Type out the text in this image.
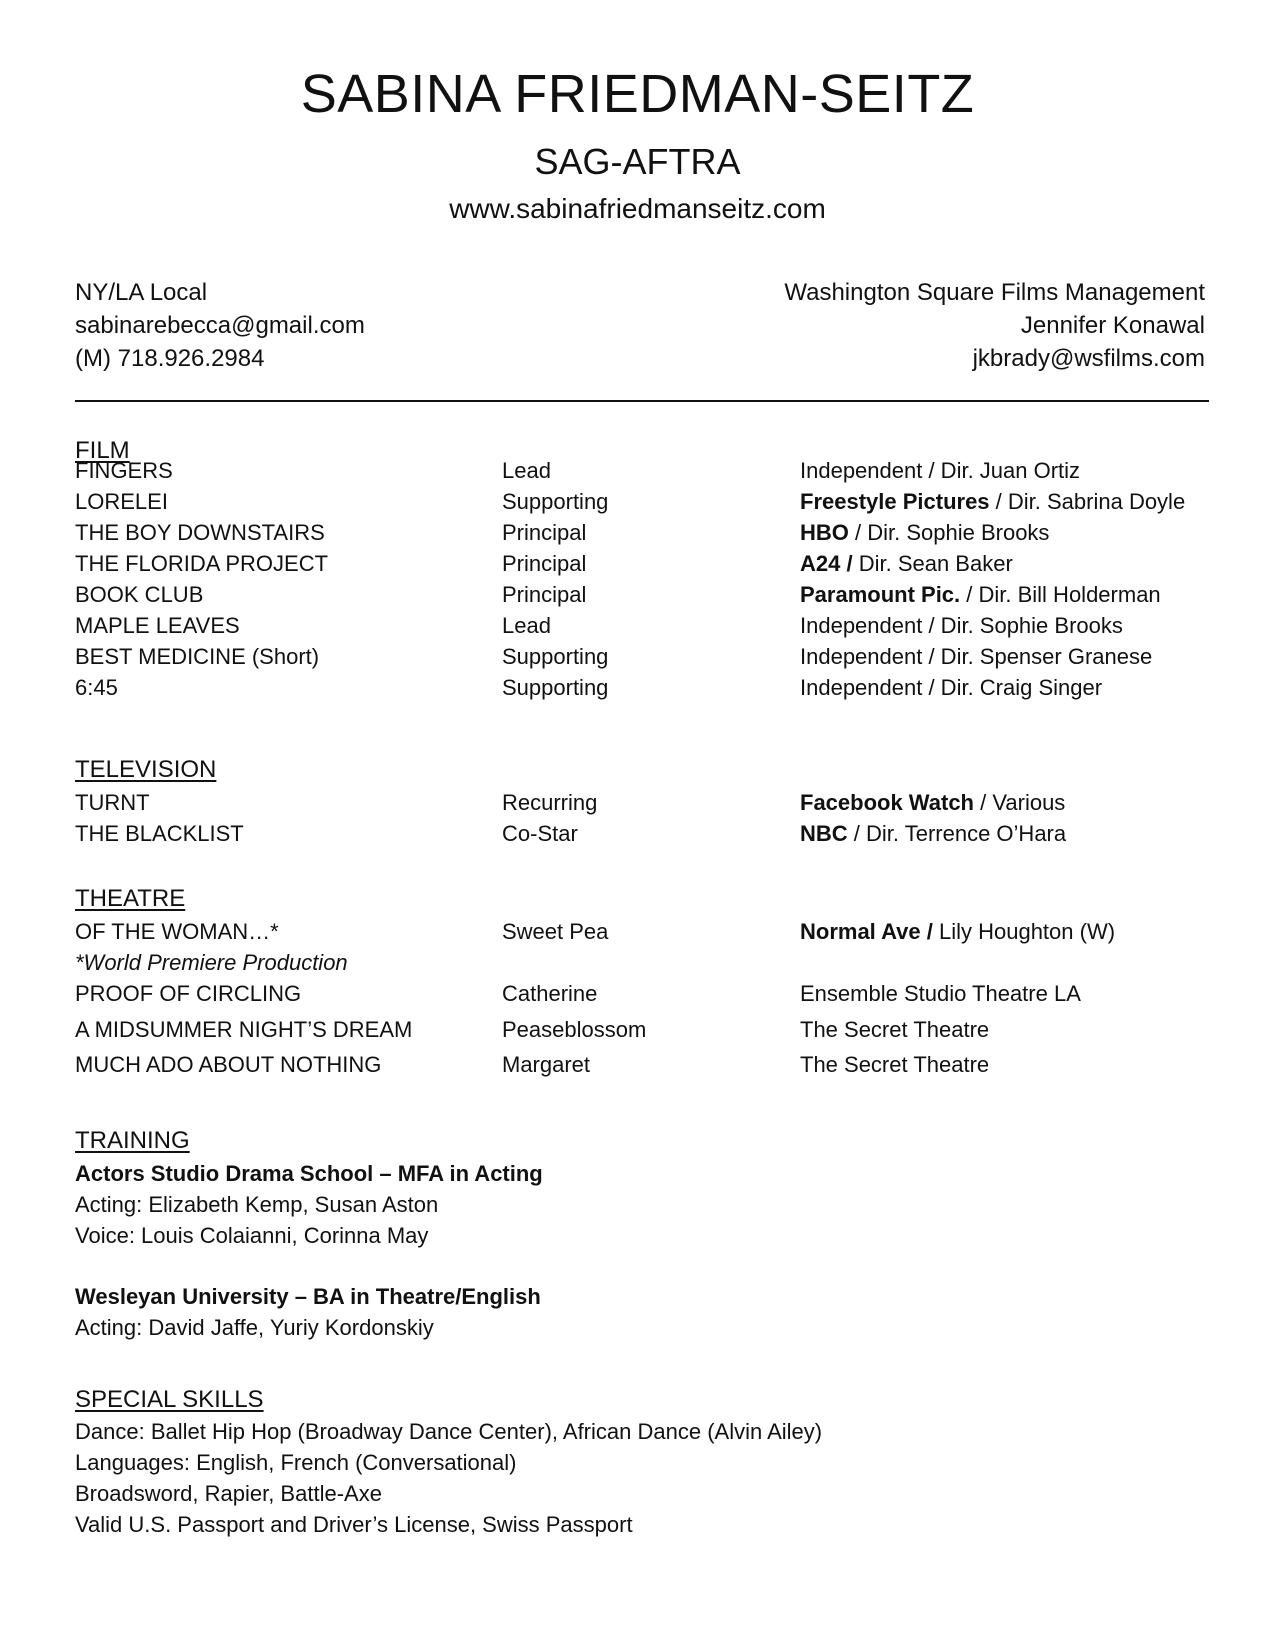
SABINA FRIEDMAN-SEITZ
SAG-AFTRA
www.sabinafriedmanseitz.com
NY/LA Local
sabinarebecca@gmail.com
(M) 718.926.2984
Washington Square Films Management
Jennifer Konawal
jkbrady@wsfilms.com
FILM
FINGERS	Lead	Independent / Dir. Juan Ortiz
LORELEI	Supporting	Freestyle Pictures / Dir. Sabrina Doyle
THE BOY DOWNSTAIRS	Principal	HBO / Dir. Sophie Brooks
THE FLORIDA PROJECT	Principal	A24 / Dir. Sean Baker
BOOK CLUB	Principal	Paramount Pic. / Dir. Bill Holderman
MAPLE LEAVES	Lead	Independent / Dir. Sophie Brooks
BEST MEDICINE (Short)	Supporting	Independent / Dir. Spenser Granese
6:45	Supporting	Independent / Dir. Craig Singer
TELEVISION
TURNT	Recurring	Facebook Watch / Various
THE BLACKLIST	Co-Star	NBC / Dir. Terrence O’Hara
THEATRE
OF THE WOMAN…*	Sweet Pea	Normal Ave / Lily Houghton (W)
*World Premiere Production
PROOF OF CIRCLING	Catherine	Ensemble Studio Theatre LA
A MIDSUMMER NIGHT’S DREAM	Peaseblossom	The Secret Theatre
MUCH ADO ABOUT NOTHING	Margaret	The Secret Theatre
TRAINING
Actors Studio Drama School – MFA in Acting
Acting: Elizabeth Kemp, Susan Aston
Voice: Louis Colaianni, Corinna May
Wesleyan University – BA in Theatre/English
Acting: David Jaffe, Yuriy Kordonskiy
SPECIAL SKILLS
Dance: Ballet Hip Hop (Broadway Dance Center), African Dance (Alvin Ailey)
Languages: English, French (Conversational)
Broadsword, Rapier, Battle-Axe
Valid U.S. Passport and Driver’s License, Swiss Passport
